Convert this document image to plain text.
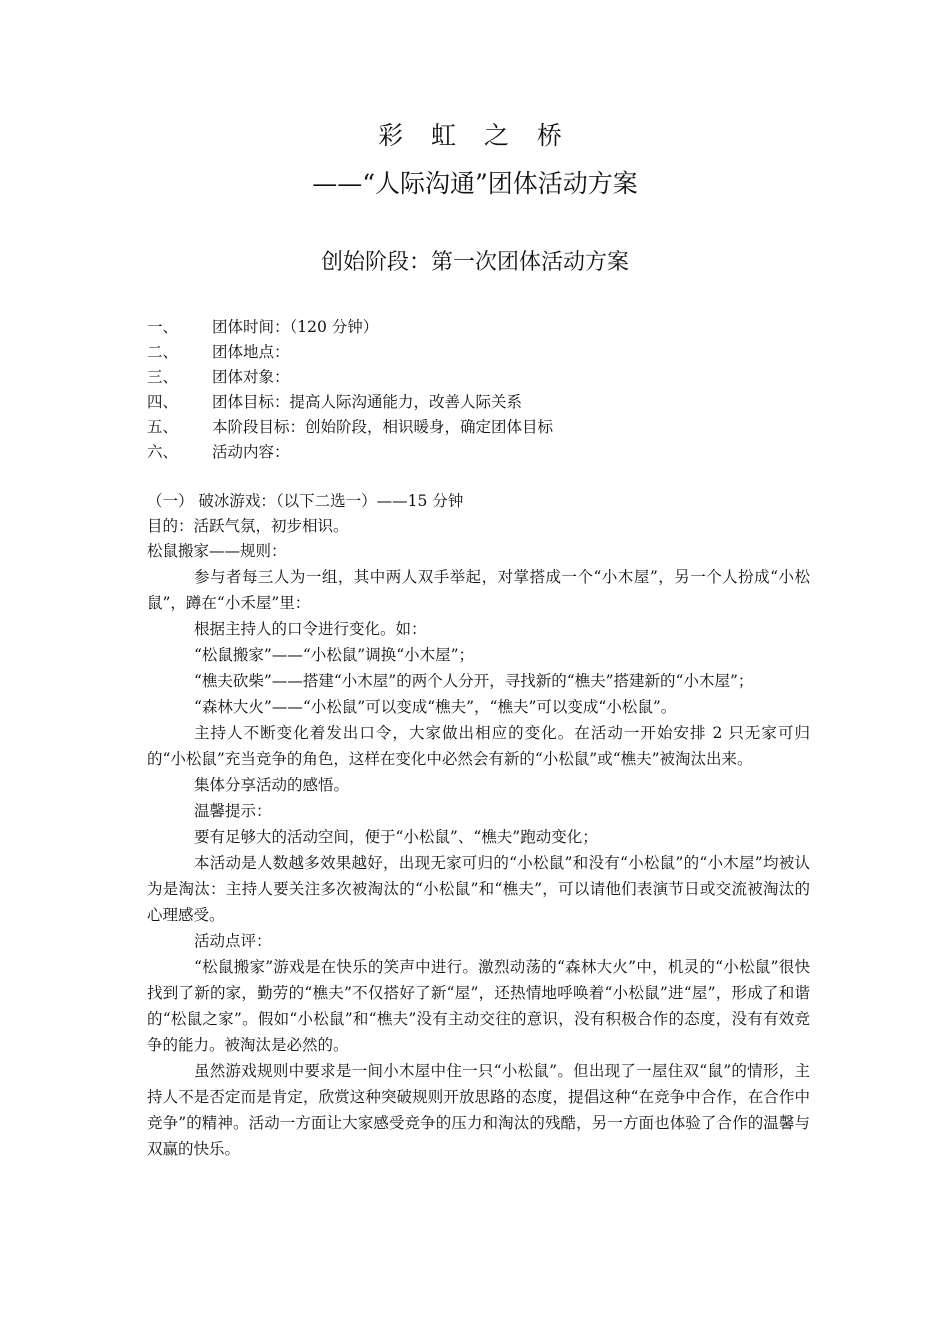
彩 虹 之 桥
——“人际沟通”团体活动方案
创始阶段：第一次团体活动方案
一、 团体时间：（120 分钟）
二、 团体地点：
三、 团体对象：
四、 团体目标：提高人际沟通能力，改善人际关系
五、 本阶段目标：创始阶段，相识暖身，确定团体目标
六、 活动内容：
（一） 破冰游戏：（以下二选一）——15 分钟
目的：活跃气氛，初步相识。
松鼠搬家——规则：
参与者每三人为一组，其中两人双手举起，对掌搭成一个“小木屋”，另一个人扮成“小松鼠”，蹲在“小禾屋”里：
根据主持人的口令进行变化。如：
“松鼠搬家”——“小松鼠”调换“小木屋”；
“樵夫砍柴”——搭建“小木屋”的两个人分开，寻找新的“樵夫”搭建新的“小木屋”；
“森林大火”——“小松鼠”可以变成“樵夫”，“樵夫”可以变成“小松鼠”。
主持人不断变化着发出口令，大家做出相应的变化。在活动一开始安排 2 只无家可归的“小松鼠”充当竞争的角色，这样在变化中必然会有新的“小松鼠”或“樵夫”被淘汰出来。
集体分享活动的感悟。
温馨提示：
要有足够大的活动空间，便于“小松鼠”、“樵夫”跑动变化；
本活动是人数越多效果越好，出现无家可归的“小松鼠”和没有“小松鼠”的“小木屋”均被认为是淘汰：主持人要关注多次被淘汰的“小松鼠”和“樵夫”，可以请他们表演节日或交流被淘汰的心理感受。
活动点评：
“松鼠搬家”游戏是在快乐的笑声中进行。激烈动荡的“森林大火”中，机灵的“小松鼠”很快找到了新的家，勤劳的“樵夫”不仅搭好了新“屋”，还热情地呼唤着“小松鼠”进“屋”，形成了和谐的“松鼠之家”。假如“小松鼠”和“樵夫”没有主动交往的意识，没有积极合作的态度，没有有效竞争的能力。被淘汰是必然的。
虽然游戏规则中要求是一间小木屋中住一只“小松鼠”。但出现了一屋住双“鼠”的情形，主持人不是否定而是肯定，欣赏这种突破规则开放思路的态度，提倡这种“在竞争中合作，在合作中竞争”的精神。活动一方面让大家感受竞争的压力和淘汰的残酷，另一方面也体验了合作的温馨与双赢的快乐。
